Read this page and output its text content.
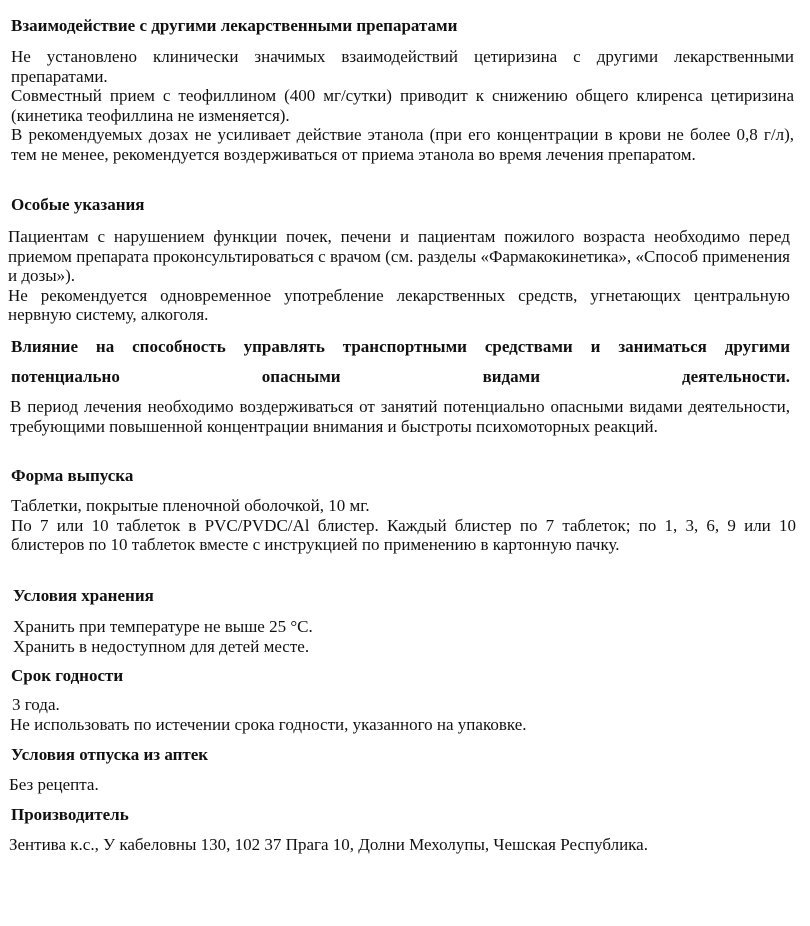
Взаимодействие с другими лекарственными препаратами

Не установлено клинически значимых взаимодействий цетиризина с другими лекарственными препаратами.

Совместный прием с теофиллином (400 мг/сутки) приводит к снижению общего клиренса цетиризина (кинетика теофиллина не изменяется).

В рекомендуемых дозах не усиливает действие этанола (при его концентрации в крови не более 0,8 г/л), тем не менее, рекомендуется воздерживаться от приема этанола во время лечения препаратом.

Особые указания

Пациентам с нарушением функции почек, печени и пациентам пожилого возраста необходимо перед приемом препарата проконсультироваться с врачом (см. разделы «Фармакокинетика», «Способ применения и дозы»).

Не рекомендуется одновременное употребление лекарственных средств, угнетающих центральную нервную систему, алкоголя.

Влияние на способность управлять транспортными средствами и заниматься другими потенциально опасными видами деятельности.

В период лечения необходимо воздерживаться от занятий потенциально опасными видами деятельности, требующими повышенной концентрации внимания и быстроты психомоторных реакций.

Форма выпуска

Таблетки, покрытые пленочной оболочкой, 10 мг.

По 7 или 10 таблеток в PVC/PVDC/Al блистер. Каждый блистер по 7 таблеток; по 1, 3, 6, 9 или 10 блистеров по 10 таблеток вместе с инструкцией по применению в картонную пачку.

Условия хранения

Хранить при температуре не выше 25 °С.

Хранить в недоступном для детей месте.

Срок годности

3 года.

Не использовать по истечении срока годности, указанного на упаковке.

Условия отпуска из аптек

Без рецепта.

Производитель

Зентива к.с., У кабеловны 130, 102 37 Прага 10, Долни Мехолупы, Чешская Республика.
